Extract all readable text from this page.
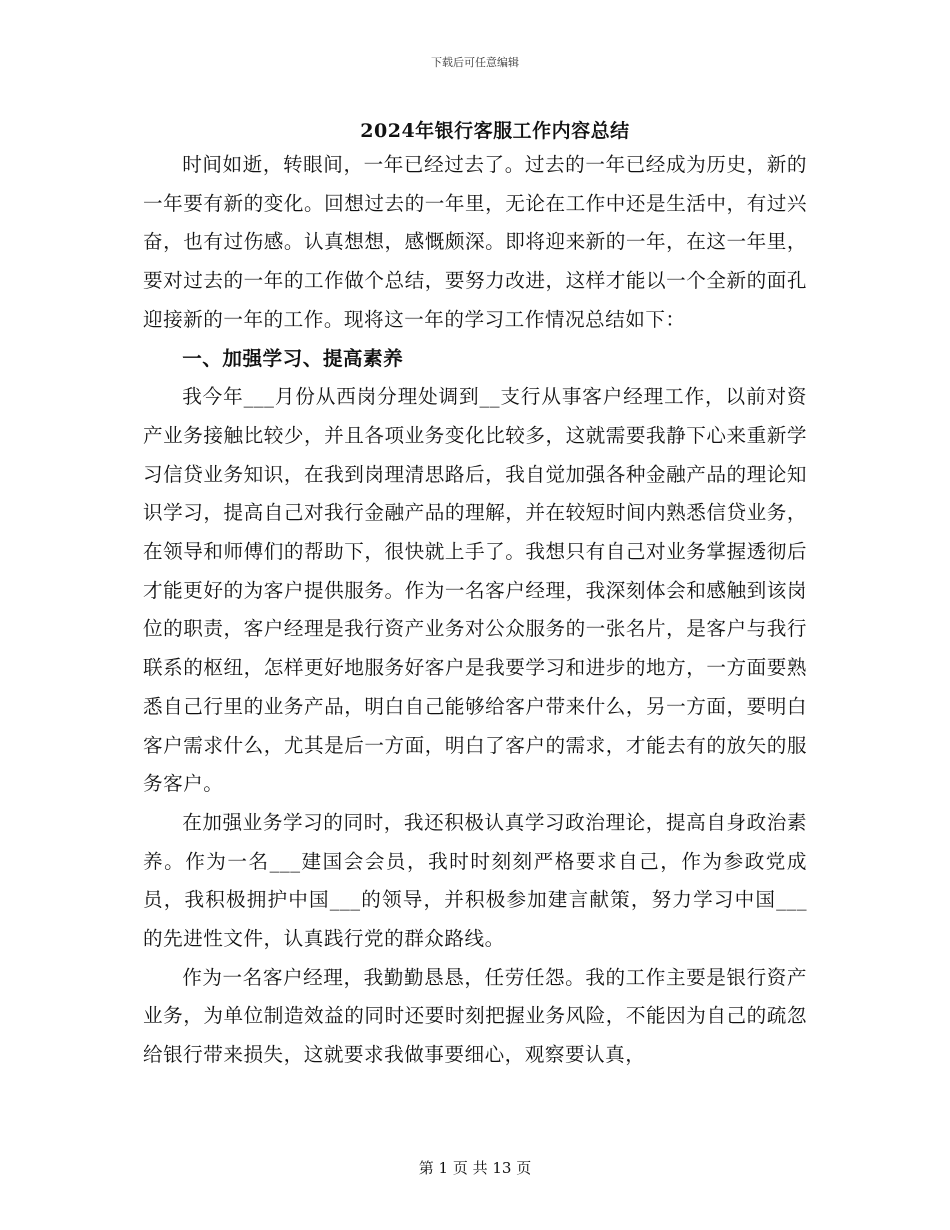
下载后可任意编辑
2024年银行客服工作内容总结

时间如逝，转眼间，一年已经过去了。过去的一年已经成为历史，新的一年要有新的变化。回想过去的一年里，无论在工作中还是生活中，有过兴奋，也有过伤感。认真想想，感慨颇深。即将迎来新的一年，在这一年里，要对过去的一年的工作做个总结，要努力改进，这样才能以一个全新的面孔迎接新的一年的工作。现将这一年的学习工作情况总结如下：

一、加强学习、提高素养

我今年___月份从西岗分理处调到__支行从事客户经理工作，以前对资产业务接触比较少，并且各项业务变化比较多，这就需要我静下心来重新学习信贷业务知识，在我到岗理清思路后，我自觉加强各种金融产品的理论知识学习，提高自己对我行金融产品的理解，并在较短时间内熟悉信贷业务，在领导和师傅们的帮助下，很快就上手了。我想只有自己对业务掌握透彻后才能更好的为客户提供服务。作为一名客户经理，我深刻体会和感触到该岗位的职责，客户经理是我行资产业务对公众服务的一张名片，是客户与我行联系的枢纽，怎样更好地服务好客户是我要学习和进步的地方，一方面要熟悉自己行里的业务产品，明白自己能够给客户带来什么，另一方面，要明白客户需求什么，尤其是后一方面，明白了客户的需求，才能去有的放矢的服务客户。

在加强业务学习的同时，我还积极认真学习政治理论，提高自身政治素养。作为一名___建国会会员，我时时刻刻严格要求自己，作为参政党成员，我积极拥护中国___的领导，并积极参加建言献策，努力学习中国___的先进性文件，认真践行党的群众路线。

作为一名客户经理，我勤勤恳恳，任劳任怨。我的工作主要是银行资产业务，为单位制造效益的同时还要时刻把握业务风险，不能因为自己的疏忽给银行带来损失，这就要求我做事要细心，观察要认真，

第 1 页 共 13 页
